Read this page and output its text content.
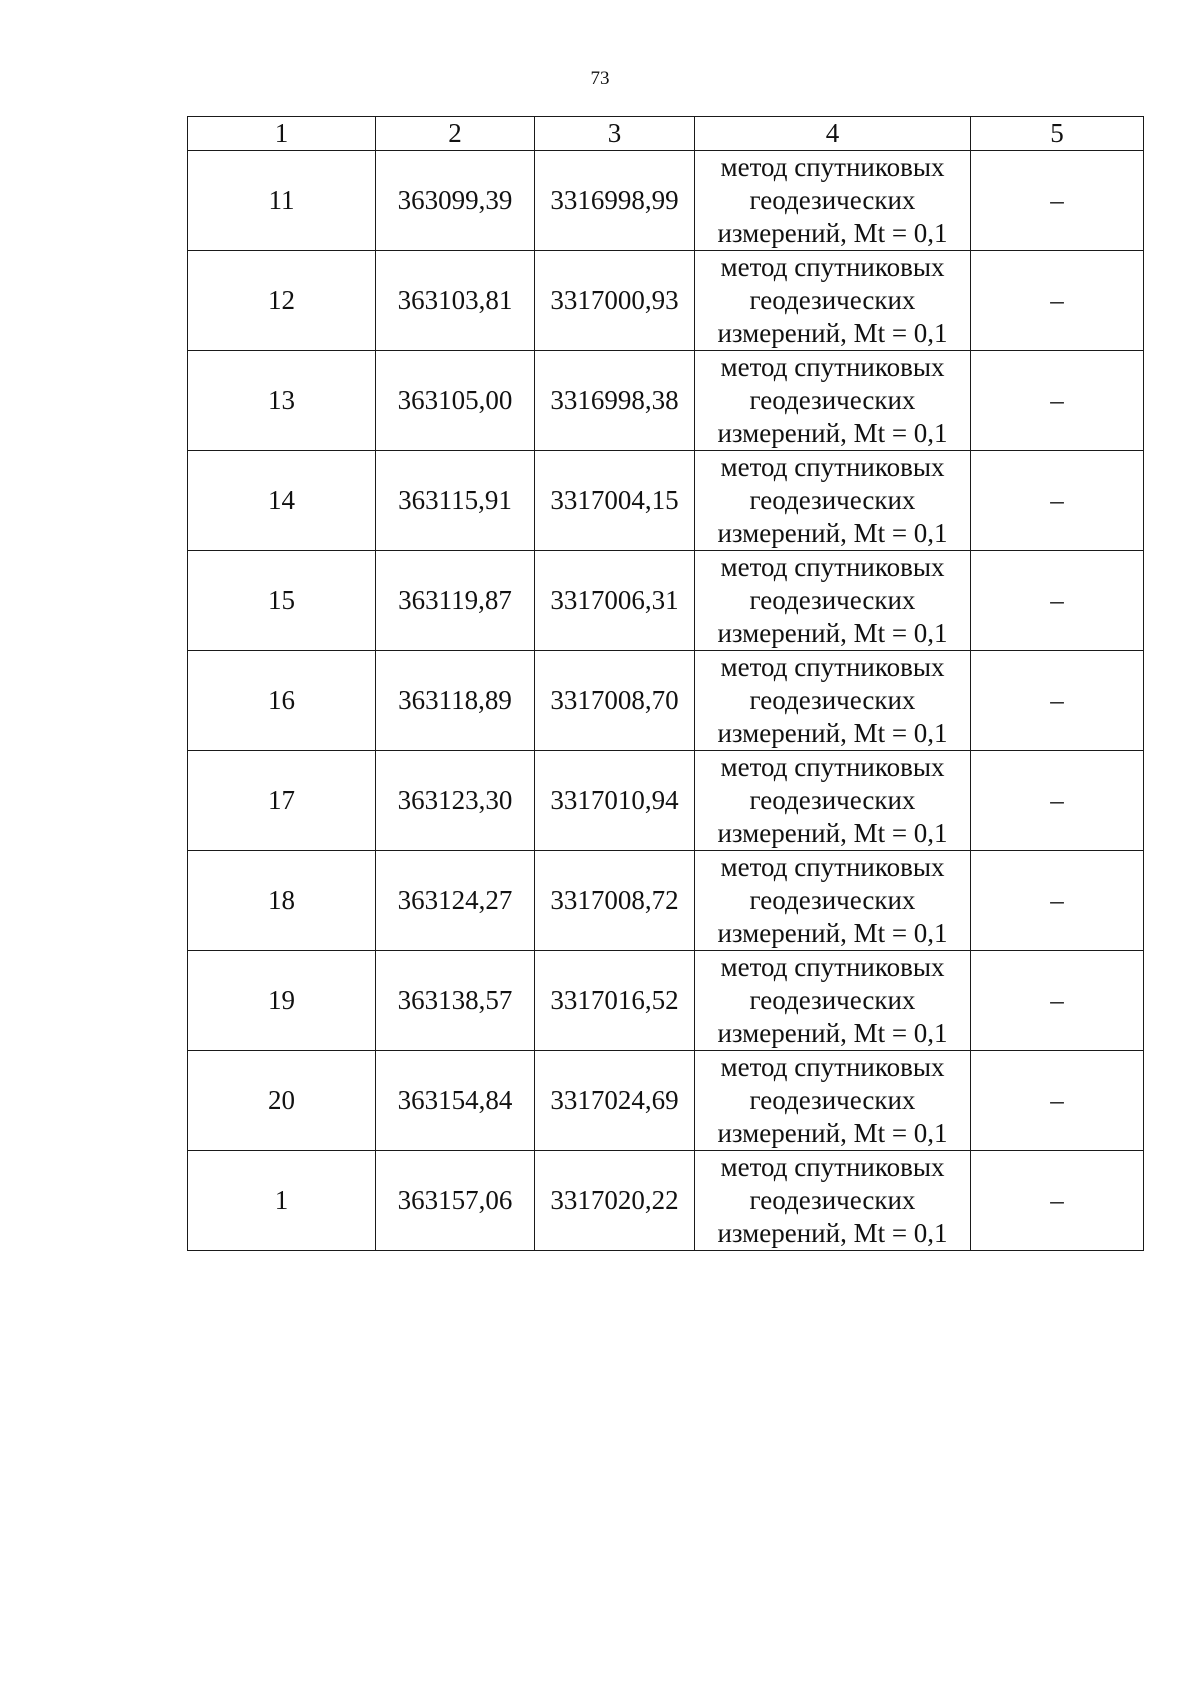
73
1	2	3	4	5
11	363099,39	3316998,99	метод спутниковых
геодезических
измерений, Mt = 0,1	–
12	363103,81	3317000,93	метод спутниковых
геодезических
измерений, Mt = 0,1	–
13	363105,00	3316998,38	метод спутниковых
геодезических
измерений, Mt = 0,1	–
14	363115,91	3317004,15	метод спутниковых
геодезических
измерений, Mt = 0,1	–
15	363119,87	3317006,31	метод спутниковых
геодезических
измерений, Mt = 0,1	–
16	363118,89	3317008,70	метод спутниковых
геодезических
измерений, Mt = 0,1	–
17	363123,30	3317010,94	метод спутниковых
геодезических
измерений, Mt = 0,1	–
18	363124,27	3317008,72	метод спутниковых
геодезических
измерений, Mt = 0,1	–
19	363138,57	3317016,52	метод спутниковых
геодезических
измерений, Mt = 0,1	–
20	363154,84	3317024,69	метод спутниковых
геодезических
измерений, Mt = 0,1	–
1	363157,06	3317020,22	метод спутниковых
геодезических
измерений, Mt = 0,1	–
